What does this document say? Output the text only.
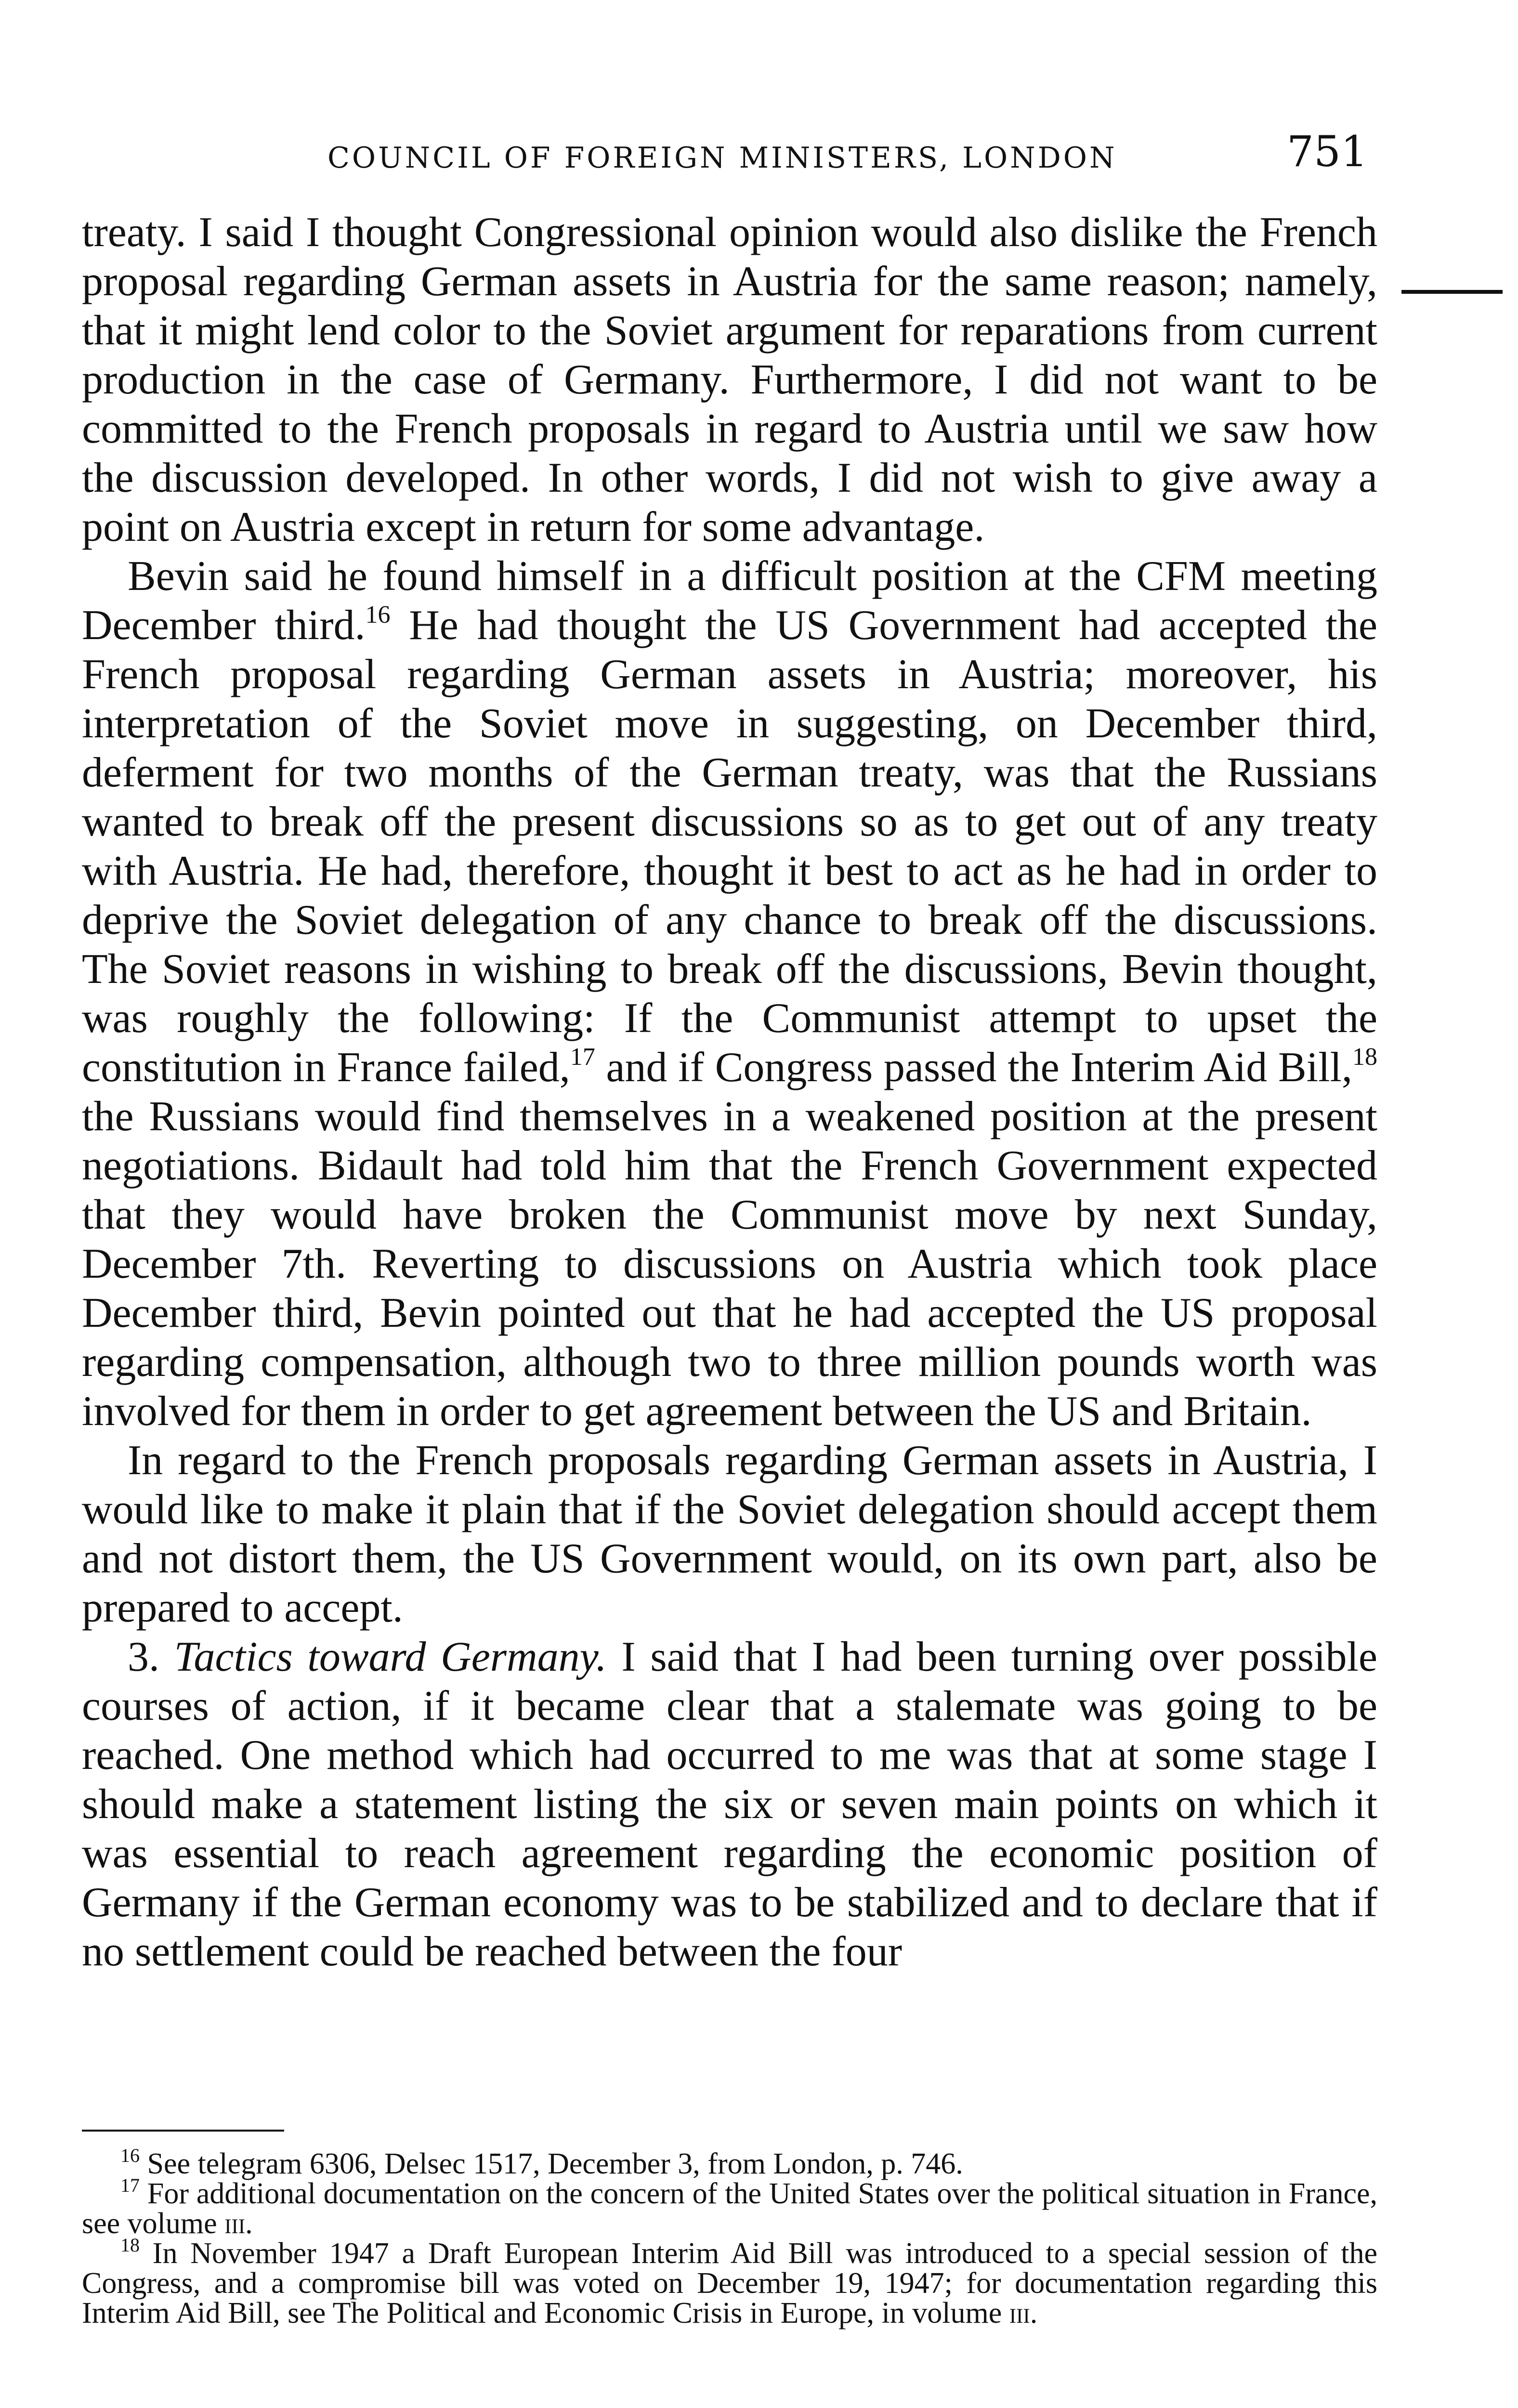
COUNCIL OF FOREIGN MINISTERS, LONDON	751

treaty. I said I thought Congressional opinion would also dislike the French proposal regarding German assets in Austria for the same reason; namely, that it might lend color to the Soviet argument for reparations from current production in the case of Germany. Furthermore, I did not want to be committed to the French proposals in regard to Austria until we saw how the discussion developed. In other words, I did not wish to give away a point on Austria except in return for some advantage.

Bevin said he found himself in a difficult position at the CFM meeting December third.$^{16}$ He had thought the US Government had accepted the French proposal regarding German assets in Austria; moreover, his interpretation of the Soviet move in suggesting, on December third, deferment for two months of the German treaty, was that the Russians wanted to break off the present discussions so as to get out of any treaty with Austria. He had, therefore, thought it best to act as he had in order to deprive the Soviet delegation of any chance to break off the discussions. The Soviet reasons in wishing to break off the discussions, Bevin thought, was roughly the following: If the Communist attempt to upset the constitution in France failed,$^{17}$ and if Congress passed the Interim Aid Bill,$^{18}$ the Russians would find themselves in a weakened position at the present negotiations. Bidault had told him that the French Government expected that they would have broken the Communist move by next Sunday, December 7th. Reverting to discussions on Austria which took place December third, Bevin pointed out that he had accepted the US proposal regarding compensation, although two to three million pounds worth was involved for them in order to get agreement between the US and Britain.

In regard to the French proposals regarding German assets in Austria, I would like to make it plain that if the Soviet delegation should accept them and not distort them, the US Government would, on its own part, also be prepared to accept.

3. Tactics toward Germany. I said that I had been turning over possible courses of action, if it became clear that a stalemate was going to be reached. One method which had occurred to me was that at some stage I should make a statement listing the six or seven main points on which it was essential to reach agreement regarding the economic position of Germany if the German economy was to be stabilized and to declare that if no settlement could be reached between the four

$^{16}$ See telegram 6306, Delsec 1517, December 3, from London, p. 746.

$^{17}$ For additional documentation on the concern of the United States over the political situation in France, see volume iii.

$^{18}$ In November 1947 a Draft European Interim Aid Bill was introduced to a special session of the Congress, and a compromise bill was voted on December 19, 1947; for documentation regarding this Interim Aid Bill, see The Political and Economic Crisis in Europe, in volume iii.
